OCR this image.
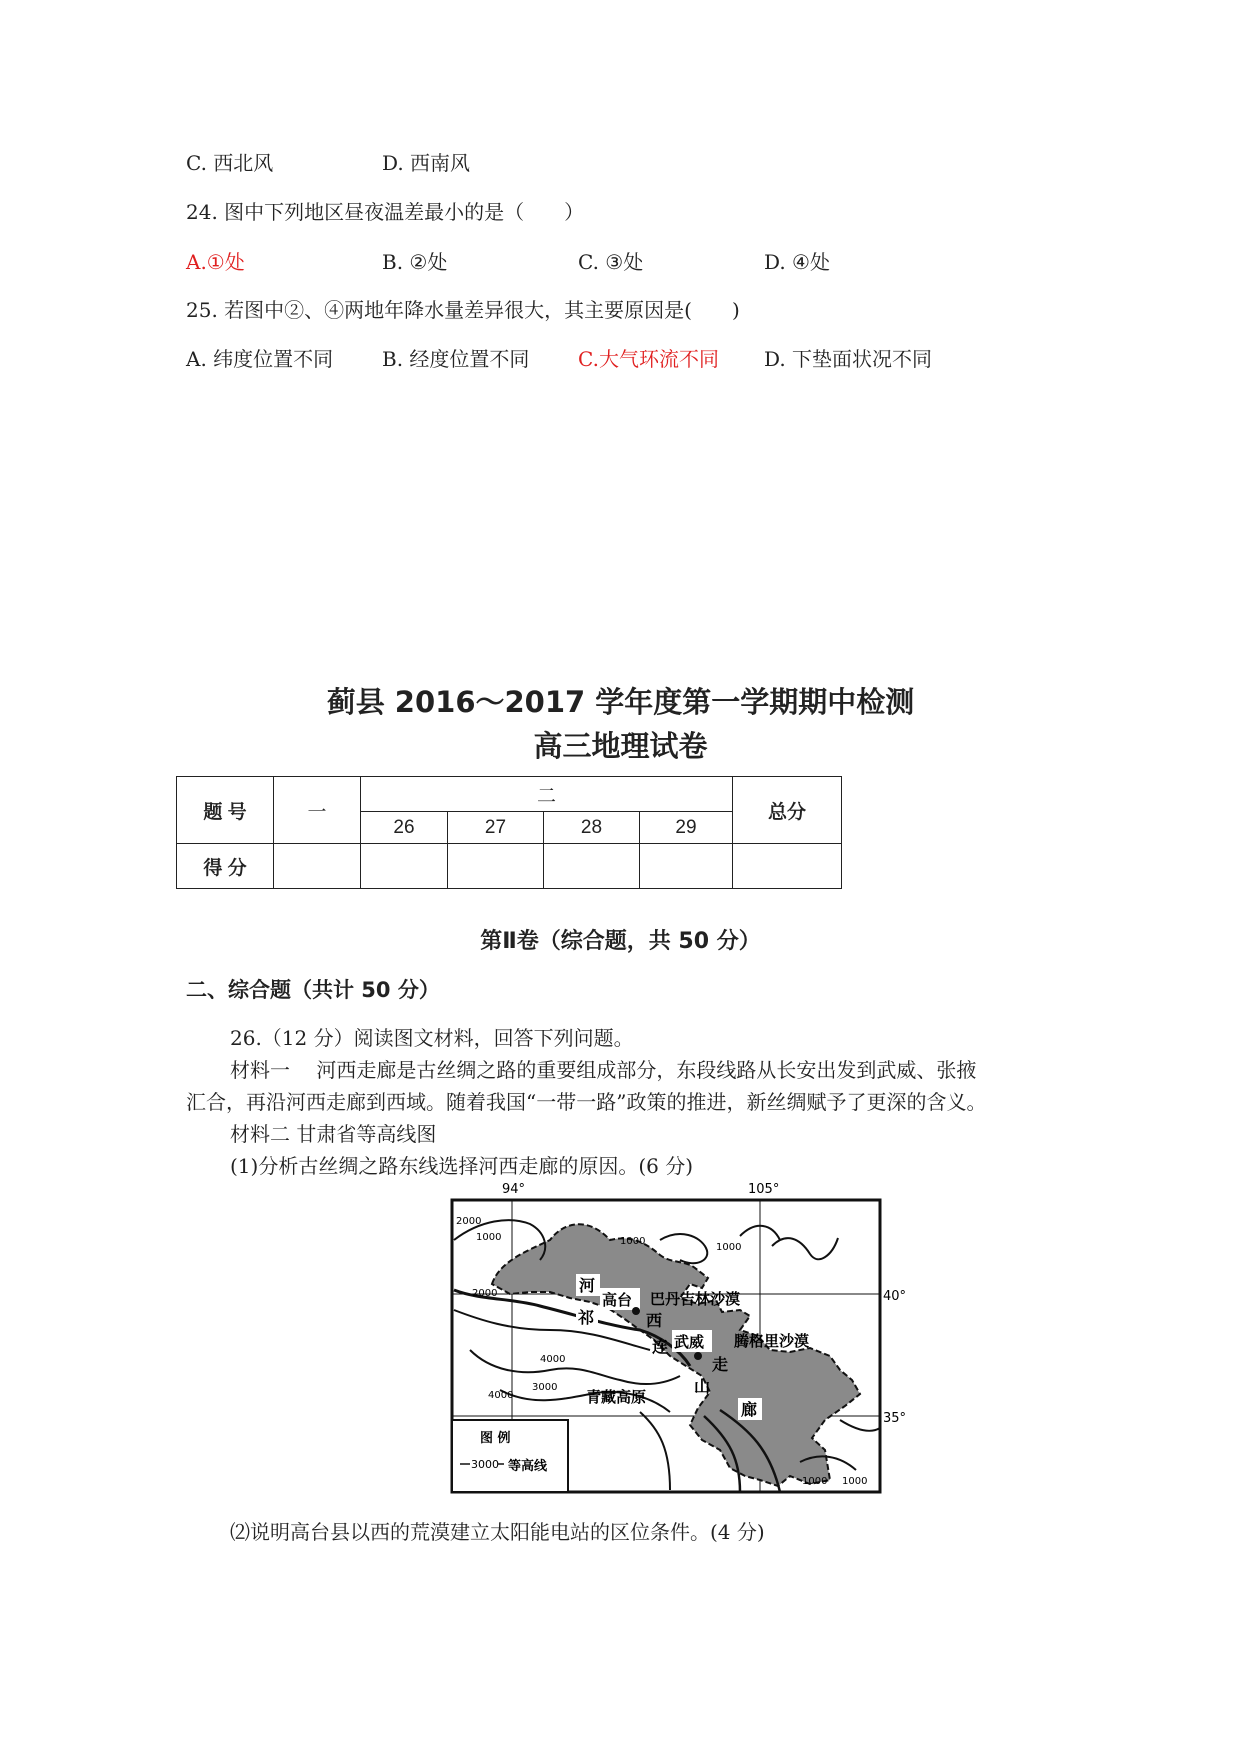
C. 西北风	D. 西南风
24. 图中下列地区昼夜温差最小的是（　　）
A.①处	B. ②处	C. ③处	D. ④处
25. 若图中②、④两地年降水量差异很大，其主要原因是(　　)
A. 纬度位置不同 B. 经度位置不同 C.大气环流不同 D. 下垫面状况不同
蓟县 2016～2017 学年度第一学期期中检测
高三地理试卷
题 号	一	二				总分
		26	27	28	29	
得 分						
第Ⅱ卷（综合题，共 50 分）
二、综合题（共计 50 分）
26.（12 分）阅读图文材料，回答下列问题。
材料一　 河西走廊是古丝绸之路的重要组成部分，东段线路从长安出发到武威、张掖
汇合，再沿河西走廊到西域。随着我国“一带一路”政策的推进，新丝绸赋予了更深的含义。
材料二 甘肃省等高线图
(1)分析古丝绸之路东线选择河西走廊的原因。(6 分)
94°	105°
40°
35°
2000
1000	1000
1000
2000
4000
3000
4000
1000 1000
河
高台 巴丹吉林沙漠
祁	西
连 武威
走
腾格里沙漠
山
青藏高原
廊
图 例
3000 等高线
⑵说明高台县以西的荒漠建立太阳能电站的区位条件。(4 分)
